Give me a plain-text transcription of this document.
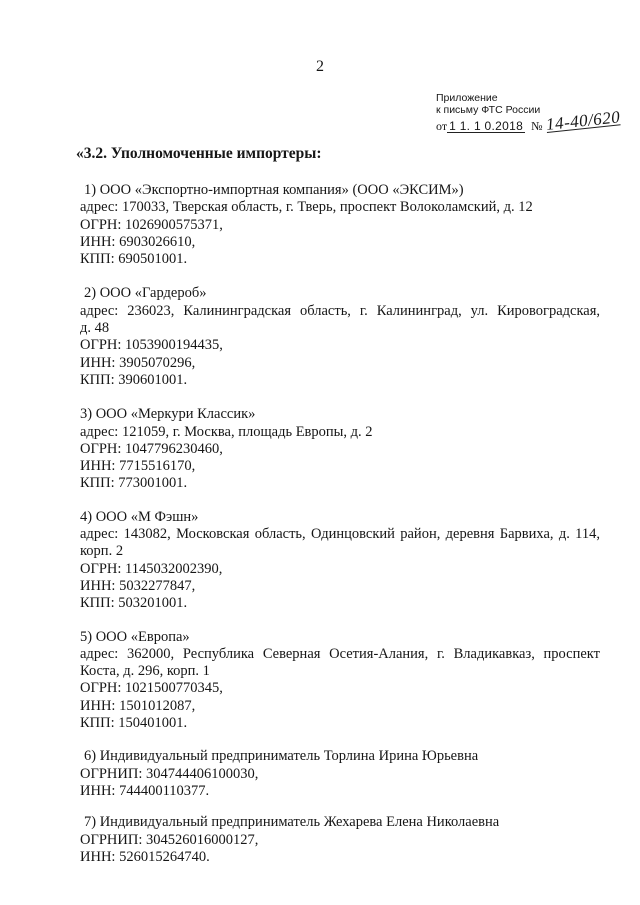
2
Приложение
к письму ФТС России
от 1 1. 1 0.2018 № 14-40/620
«3.2. Уполномоченные импортеры:
1) ООО «Экспортно-импортная компания» (ООО «ЭКСИМ»)
адрес: 170033, Тверская область, г. Тверь, проспект Волоколамский, д. 12
ОГРН: 1026900575371,
ИНН: 6903026610,
КПП: 690501001.
2) ООО «Гардероб»
адрес: 236023, Калининградская область, г. Калининград, ул. Кировоградская,
д. 48
ОГРН: 1053900194435,
ИНН: 3905070296,
КПП: 390601001.
3) ООО «Меркури Классик»
адрес: 121059, г. Москва, площадь Европы, д. 2
ОГРН: 1047796230460,
ИНН: 7715516170,
КПП: 773001001.
4) ООО «М Фэшн»
адрес: 143082, Московская область, Одинцовский район, деревня Барвиха, д. 114,
корп. 2
ОГРН: 1145032002390,
ИНН: 5032277847,
КПП: 503201001.
5) ООО «Европа»
адрес: 362000, Республика Северная Осетия-Алания, г. Владикавказ, проспект
Коста, д. 296, корп. 1
ОГРН: 1021500770345,
ИНН: 1501012087,
КПП: 150401001.
6) Индивидуальный предприниматель Торлина Ирина Юрьевна
ОГРНИП: 304744406100030,
ИНН: 744400110377.
7) Индивидуальный предприниматель Жехарева Елена Николаевна
ОГРНИП: 304526016000127,
ИНН: 526015264740.
